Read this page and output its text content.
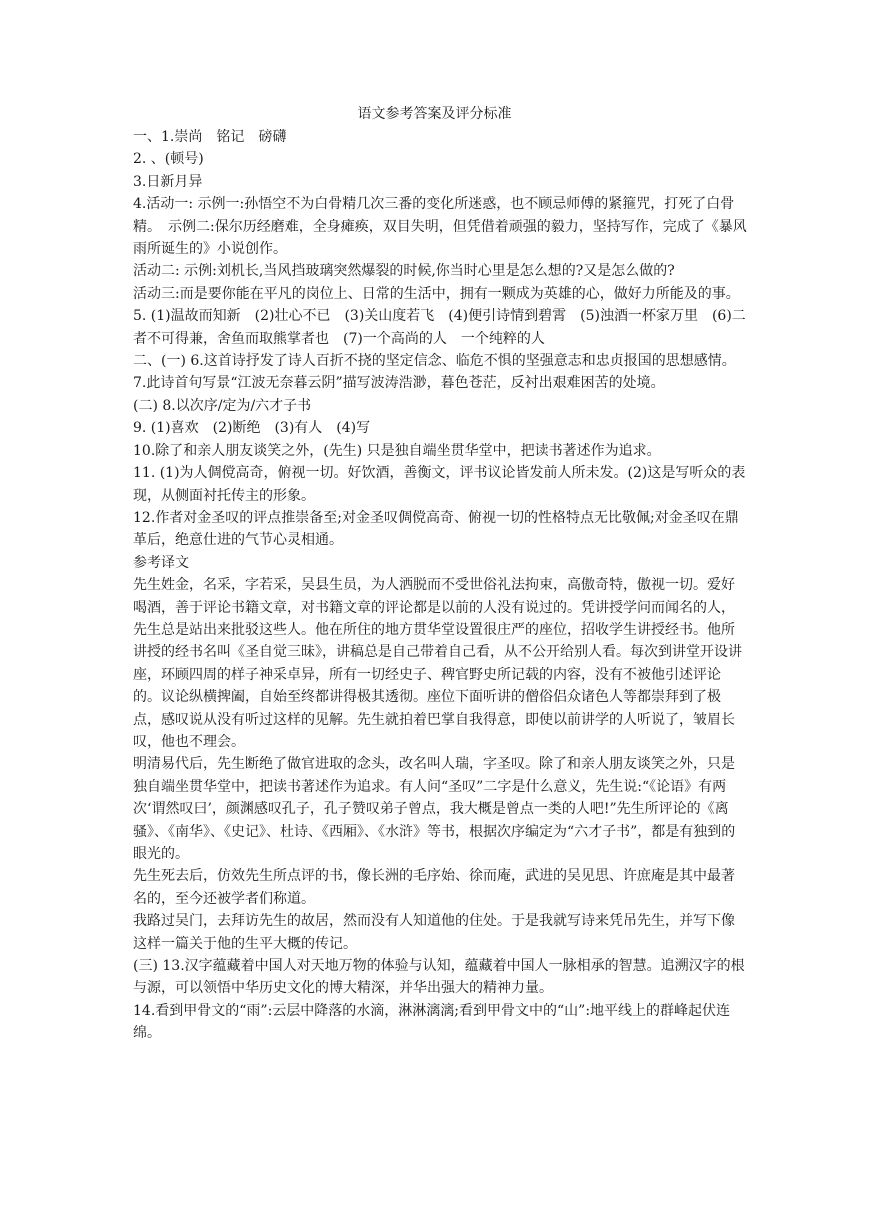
语文参考答案及评分标准

一、1.崇尚　铭记　磅礴

2. 、(顿号)

3.日新月异

4.活动一: 示例一:孙悟空不为白骨精几次三番的变化所迷惑，也不顾忌师傅的紧箍咒，打死了白骨精。　示例二:保尔历经磨难，全身瘫痪，双目失明，但凭借着顽强的毅力，坚持写作，完成了《暴风雨所诞生的》小说创作。

活动二: 示例:刘机长,当风挡玻璃突然爆裂的时候,你当时心里是怎么想的?又是怎么做的?

活动三:而是要你能在平凡的岗位上、日常的生活中，拥有一颗成为英雄的心，做好力所能及的事。

5. (1)温故而知新　(2)壮心不已　(3)关山度若飞　(4)便引诗情到碧霄　(5)浊酒一杯家万里　(6)二者不可得兼，舍鱼而取熊掌者也　(7)一个高尚的人　一个纯粹的人

二、(一) 6.这首诗抒发了诗人百折不挠的坚定信念、临危不惧的坚强意志和忠贞报国的思想感情。

7.此诗首句写景“江波无奈暮云阴”描写波涛浩渺，暮色苍茫，反衬出艰难困苦的处境。

(二) 8.以次序/定为/六才子书

9. (1)喜欢　(2)断绝　(3)有人　(4)写

10.除了和亲人朋友谈笑之外，(先生) 只是独自端坐贯华堂中，把读书著述作为追求。

11. (1)为人倜傥高奇，俯视一切。好饮酒，善衡文，评书议论皆发前人所未发。(2)这是写听众的表现，从侧面衬托传主的形象。

12.作者对金圣叹的评点推崇备至;对金圣叹倜傥高奇、俯视一切的性格特点无比敬佩;对金圣叹在鼎革后，绝意仕进的气节心灵相通。

参考译文

先生姓金，名采，字若采，吴县生员，为人洒脱而不受世俗礼法拘束，高傲奇特，傲视一切。爱好喝酒，善于评论书籍文章，对书籍文章的评论都是以前的人没有说过的。凭讲授学问而闻名的人，先生总是站出来批驳这些人。他在所住的地方贯华堂设置很庄严的座位，招收学生讲授经书。他所讲授的经书名叫《圣自觉三昧》，讲稿总是自己带着自己看，从不公开给别人看。每次到讲堂开设讲座，环顾四周的样子神采卓异，所有一切经史子、稗官野史所记载的内容，没有不被他引述评论的。议论纵横捭阖，自始至终都讲得极其透彻。座位下面听讲的僧俗侣众诸色人等都崇拜到了极点，感叹说从没有听过这样的见解。先生就拍着巴掌自我得意，即使以前讲学的人听说了，皱眉长叹，他也不理会。

明清易代后，先生断绝了做官进取的念头，改名叫人瑞，字圣叹。除了和亲人朋友谈笑之外，只是独自端坐贯华堂中，把读书著述作为追求。有人问“圣叹”二字是什么意义，先生说:“《论语》有两次‘谓然叹曰’，颜渊感叹孔子，孔子赞叹弟子曾点，我大概是曾点一类的人吧!”先生所评论的《离骚》、《南华》、《史记》、杜诗、《西厢》、《水浒》等书，根据次序编定为“六才子书”，都是有独到的眼光的。

先生死去后，仿效先生所点评的书，像长洲的毛序始、徐而庵，武进的吴见思、许庶庵是其中最著名的，至今还被学者们称道。

我路过吴门，去拜访先生的故居，然而没有人知道他的住处。于是我就写诗来凭吊先生，并写下像这样一篇关于他的生平大概的传记。

(三) 13.汉字蕴藏着中国人对天地万物的体验与认知，蕴藏着中国人一脉相承的智慧。追溯汉字的根与源，可以领悟中华历史文化的博大精深，并华出强大的精神力量。

14.看到甲骨文的“雨”:云层中降落的水滴，淋淋漓漓;看到甲骨文中的“山”:地平线上的群峰起伏连绵。
